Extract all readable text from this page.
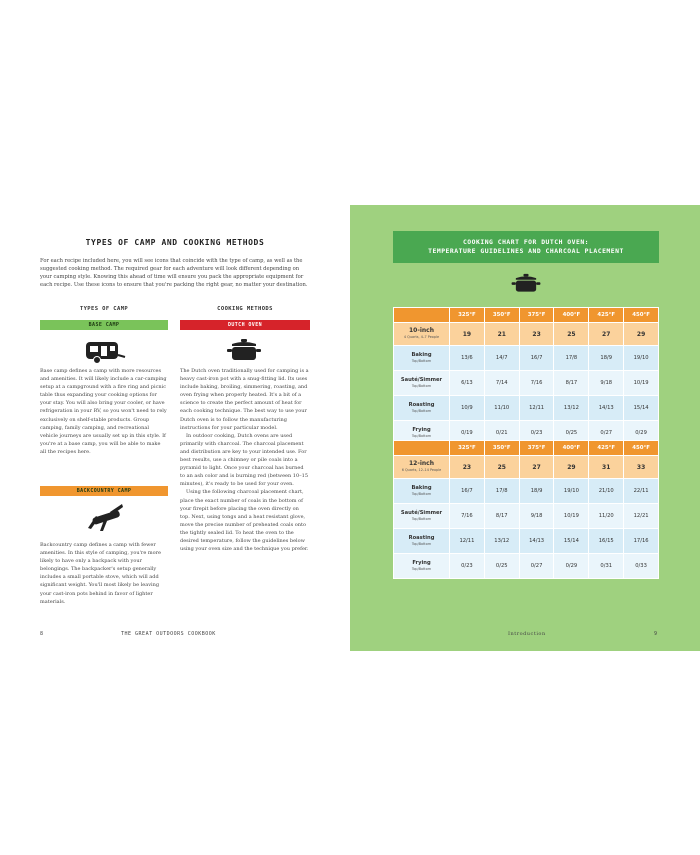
TYPES OF CAMP AND COOKING METHODS

For each recipe included here, you will see icons that coincide with the type of camp, as well as the suggested cooking method. The required gear for each adventure will look different depending on your camping style. Knowing this ahead of time will ensure you pack the appropriate equipment for each recipe. Use these icons to ensure that you're packing the right gear, no matter your destination.

TYPES OF CAMP	COOKING METHODS
BASE CAMP	DUTCH OVEN

Base camp defines a camp with more resources and amenities. It will likely include a car-camping setup at a campground with a fire ring and picnic table thus expanding your cooking options for your stay. You will also bring your cooler, or have refrigeration in your RV, so you won't need to rely exclusively on shelf-stable products. Group camping, family camping, and recreational vehicle journeys are usually set up in this style. If you're at a base camp, you will be able to make all the recipes here.

BACKCOUNTRY CAMP

Backcountry camp defines a camp with fewer amenities. In this style of camping, you're more likely to have only a backpack with your belongings. The backpacker's setup generally includes a small portable stove, which will add significant weight. You'll most likely be leaving your cast-iron pots behind in favor of lighter materials.

The Dutch oven traditionally used for camping is a heavy cast-iron pot with a snug-fitting lid. Its uses include baking, broiling, simmering, roasting, and oven frying when properly heated. It's a bit of a science to create the perfect amount of heat for each cooking technique. The best way to use your Dutch oven is to follow the manufacturing instructions for your particular model.
In outdoor cooking, Dutch ovens are used primarily with charcoal. The charcoal placement and distribution are key to your intended use. For best results, use a chimney or pile coals into a pyramid to light. Once your charcoal has burned to an ash color and is burning red (between 10–15 minutes), it's ready to be used for your oven.
Using the following charcoal placement chart, place the exact number of coals in the bottom of your firepit before placing the oven directly on top. Next, using tongs and a heat resistant glove, move the precise number of preheated coals onto the tightly sealed lid. To heat the oven to the desired temperature, follow the guidelines below using your oven size and the technique you prefer.
8	THE GREAT OUTDOORS COOKBOOK
COOKING CHART FOR DUTCH OVEN:
TEMPERATURE GUIDELINES AND CHARCOAL PLACEMENT
	325°F	350°F	375°F	400°F	425°F	450°F
10-inch
4 Quarts, 4–7 People	19	21	23	25	27	29
Baking
Top/Bottom	13/6	14/7	16/7	17/8	18/9	19/10
Sauté/Simmer
Top/Bottom	6/13	7/14	7/16	8/17	9/18	10/19
Roasting
Top/Bottom	10/9	11/10	12/11	13/12	14/13	15/14
Frying
Top/Bottom	0/19	0/21	0/23	0/25	0/27	0/29
	325°F	350°F	375°F	400°F	425°F	450°F
12-inch
6 Quarts, 12–14 People	23	25	27	29	31	33
Baking
Top/Bottom	16/7	17/8	18/9	19/10	21/10	22/11
Sauté/Simmer
Top/Bottom	7/16	8/17	9/18	10/19	11/20	12/21
Roasting
Top/Bottom	12/11	13/12	14/13	15/14	16/15	17/16
Frying
Top/Bottom	0/23	0/25	0/27	0/29	0/31	0/33
Introduction	9
